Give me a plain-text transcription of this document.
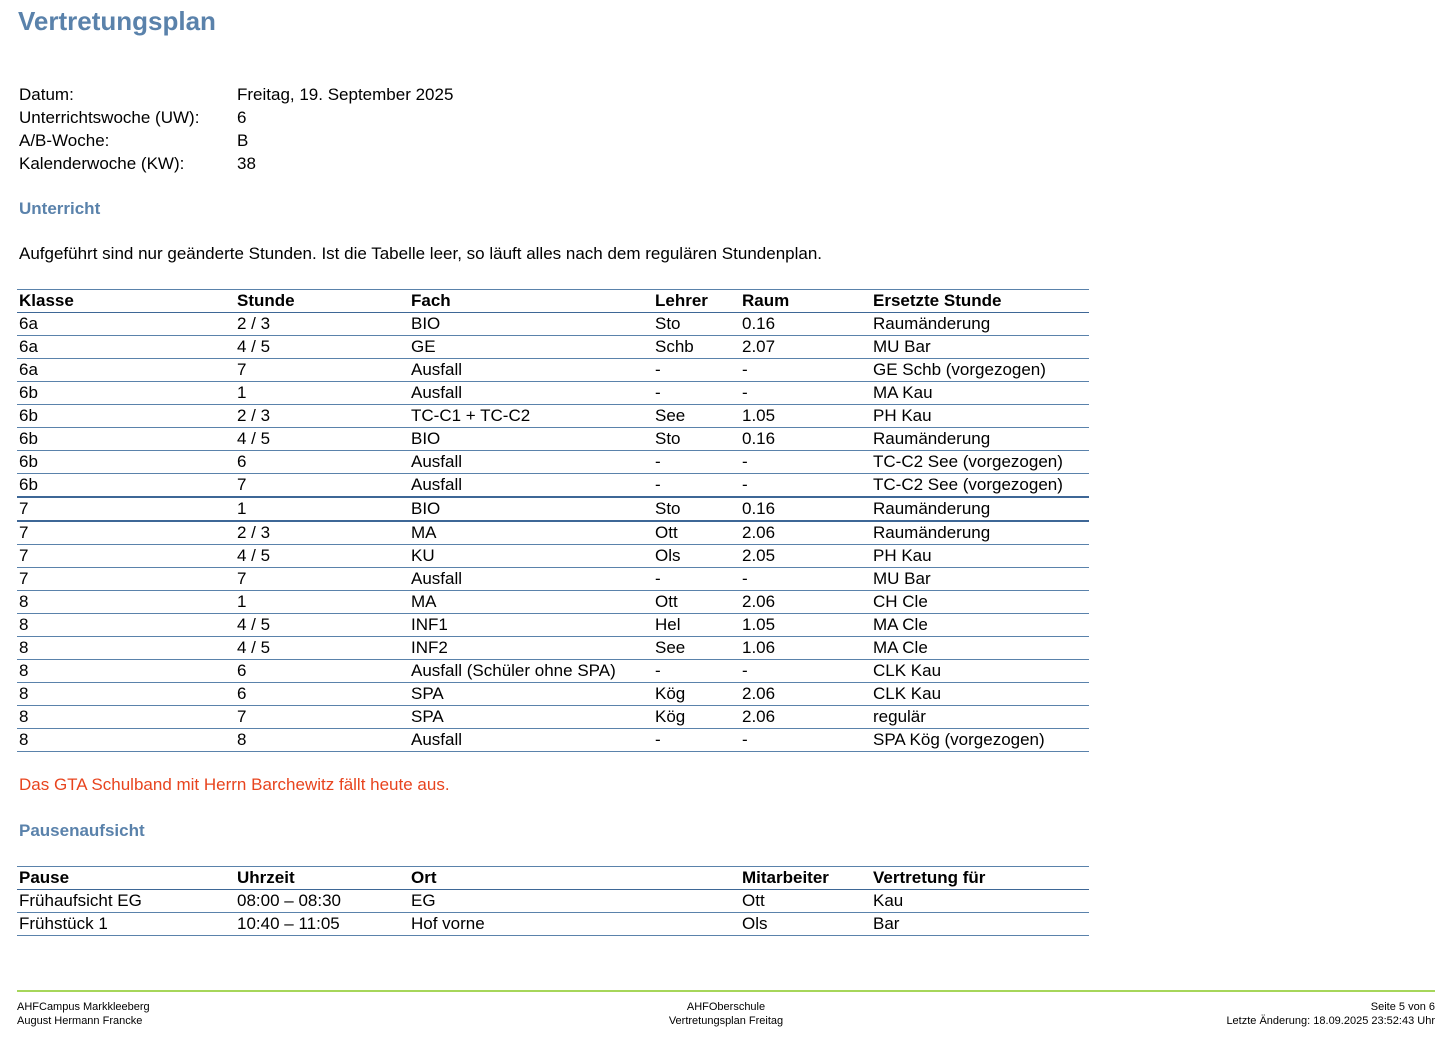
Vertretungsplan
Datum:	Freitag, 19. September 2025
Unterrichtswoche (UW):	6
A/B-Woche:	B
Kalenderwoche (KW):	38
Unterricht
Aufgeführt sind nur geänderte Stunden. Ist die Tabelle leer, so läuft alles nach dem regulären Stundenplan.
Klasse	Stunde	Fach	Lehrer	Raum	Ersetzte Stunde
6a	2 / 3	BIO	Sto	0.16	Raumänderung
6a	4 / 5	GE	Schb	2.07	MU Bar
6a	7	Ausfall	-	-	GE Schb (vorgezogen)
6b	1	Ausfall	-	-	MA Kau
6b	2 / 3	TC-C1 + TC-C2	See	1.05	PH Kau
6b	4 / 5	BIO	Sto	0.16	Raumänderung
6b	6	Ausfall	-	-	TC-C2 See (vorgezogen)
6b	7	Ausfall	-	-	TC-C2 See (vorgezogen)
7	1	BIO	Sto	0.16	Raumänderung
7	2 / 3	MA	Ott	2.06	Raumänderung
7	4 / 5	KU	Ols	2.05	PH Kau
7	7	Ausfall	-	-	MU Bar
8	1	MA	Ott	2.06	CH Cle
8	4 / 5	INF1	Hel	1.05	MA Cle
8	4 / 5	INF2	See	1.06	MA Cle
8	6	Ausfall (Schüler ohne SPA)	-	-	CLK Kau
8	6	SPA	Kög	2.06	CLK Kau
8	7	SPA	Kög	2.06	regulär
8	8	Ausfall	-	-	SPA Kög (vorgezogen)
Das GTA Schulband mit Herrn Barchewitz fällt heute aus.
Pausenaufsicht
Pause	Uhrzeit	Ort	Mitarbeiter	Vertretung für
Frühaufsicht EG	08:00 – 08:30	EG	Ott	Kau
Frühstück 1	10:40 – 11:05	Hof vorne	Ols	Bar
AHFCampus Markkleeberg
August Hermann Francke
AHFOberschule
Vertretungsplan Freitag
Seite 5 von 6
Letzte Änderung: 18.09.2025 23:52:43 Uhr
